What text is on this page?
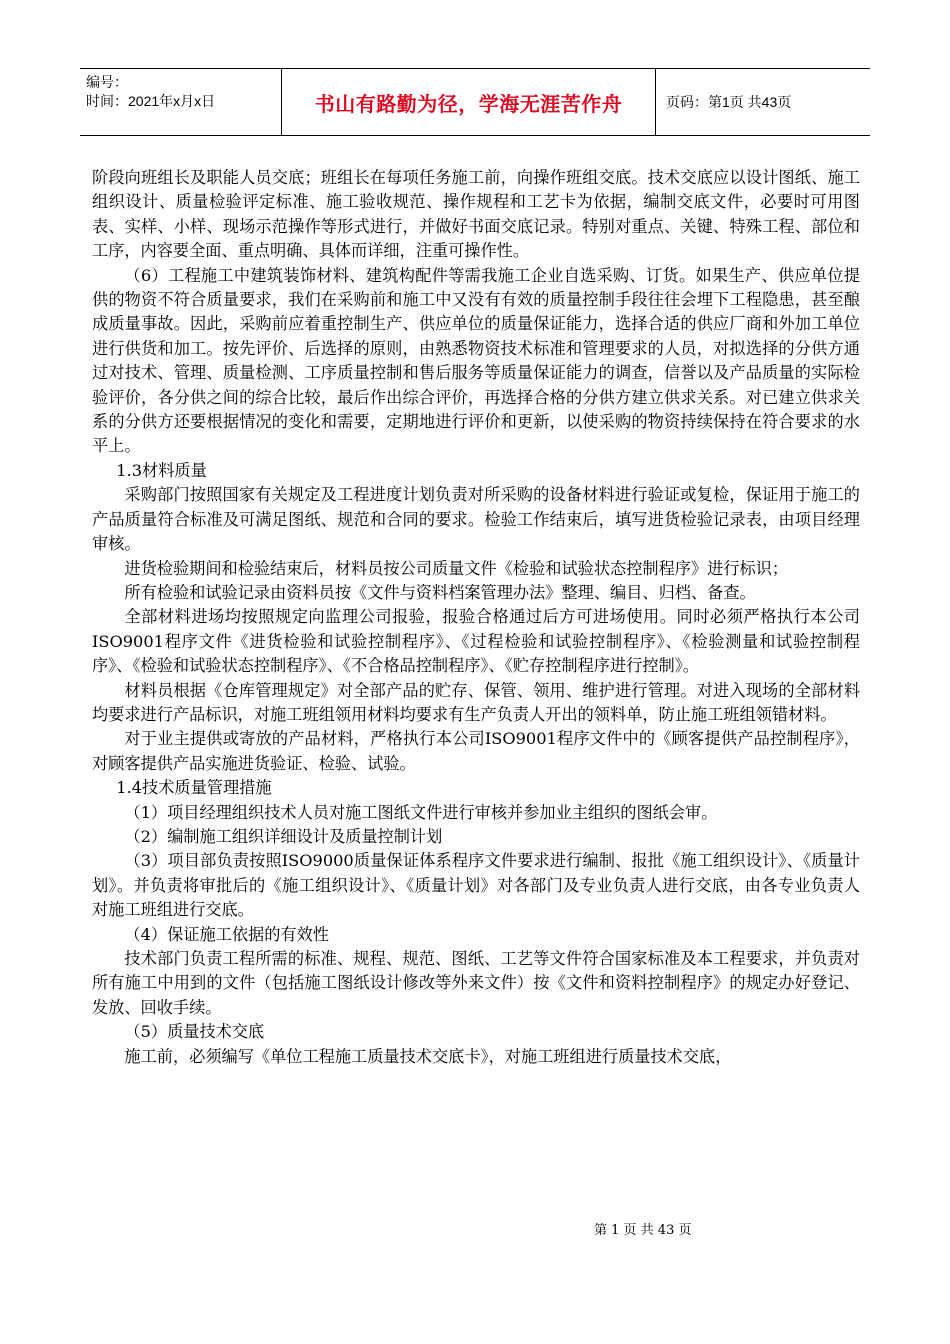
编号：
时间：2021年x月x日	书山有路勤为径，学海无涯苦作舟	页码：第1页 共43页

阶段向班组长及职能人员交底；班组长在每项任务施工前，向操作班组交底。技术交底应以设计图纸、施工组织设计、质量检验评定标准、施工验收规范、操作规程和工艺卡为依据，编制交底文件，必要时可用图表、实样、小样、现场示范操作等形式进行，并做好书面交底记录。特别对重点、关键、特殊工程、部位和工序，内容要全面、重点明确、具体而详细，注重可操作性。

（6）工程施工中建筑装饰材料、建筑构配件等需我施工企业自选采购、订货。如果生产、供应单位提供的物资不符合质量要求，我们在采购前和施工中又没有有效的质量控制手段往往会埋下工程隐患，甚至酿成质量事故。因此，采购前应着重控制生产、供应单位的质量保证能力，选择合适的供应厂商和外加工单位进行供货和加工。按先评价、后选择的原则，由熟悉物资技术标准和管理要求的人员，对拟选择的分供方通过对技术、管理、质量检测、工序质量控制和售后服务等质量保证能力的调查，信誉以及产品质量的实际检验评价，各分供之间的综合比较，最后作出综合评价，再选择合格的分供方建立供求关系。对已建立供求关系的分供方还要根据情况的变化和需要，定期地进行评价和更新，以使采购的物资持续保持在符合要求的水平上。

1.3材料质量

采购部门按照国家有关规定及工程进度计划负责对所采购的设备材料进行验证或复检，保证用于施工的产品质量符合标准及可满足图纸、规范和合同的要求。检验工作结束后，填写进货检验记录表，由项目经理审核。

进货检验期间和检验结束后，材料员按公司质量文件《检验和试验状态控制程序》进行标识；

所有检验和试验记录由资料员按《文件与资料档案管理办法》整理、编目、归档、备查。

全部材料进场均按照规定向监理公司报验，报验合格通过后方可进场使用。同时必须严格执行本公司ISO9001程序文件《进货检验和试验控制程序》、《过程检验和试验控制程序》、《检验测量和试验控制程序》、《检验和试验状态控制程序》、《不合格品控制程序》、《贮存控制程序进行控制》。

材料员根据《仓库管理规定》对全部产品的贮存、保管、领用、维护进行管理。对进入现场的全部材料均要求进行产品标识，对施工班组领用材料均要求有生产负责人开出的领料单，防止施工班组领错材料。

对于业主提供或寄放的产品材料，严格执行本公司ISO9001程序文件中的《顾客提供产品控制程序》，对顾客提供产品实施进货验证、检验、试验。

1.4技术质量管理措施

（1）项目经理组织技术人员对施工图纸文件进行审核并参加业主组织的图纸会审。

（2）编制施工组织详细设计及质量控制计划

（3）项目部负责按照ISO9000质量保证体系程序文件要求进行编制、报批《施工组织设计》、《质量计划》。并负责将审批后的《施工组织设计》、《质量计划》对各部门及专业负责人进行交底，由各专业负责人对施工班组进行交底。

（4）保证施工依据的有效性

技术部门负责工程所需的标准、规程、规范、图纸、工艺等文件符合国家标准及本工程要求，并负责对所有施工中用到的文件（包括施工图纸设计修改等外来文件）按《文件和资料控制程序》的规定办好登记、发放、回收手续。

（5）质量技术交底

施工前，必须编写《单位工程施工质量技术交底卡》，对施工班组进行质量技术交底，

第 1 页 共 43 页
